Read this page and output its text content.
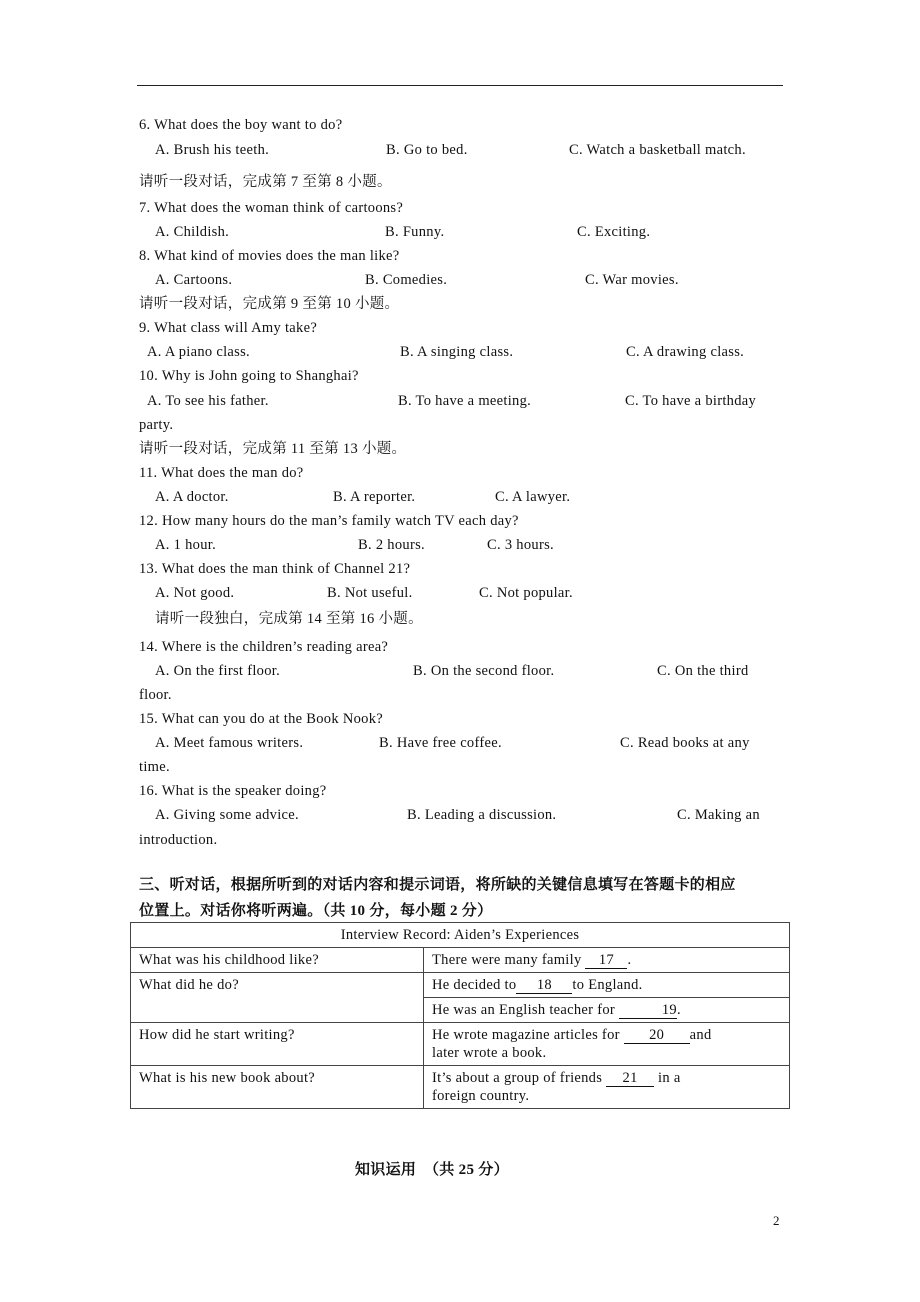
6. What does the boy want to do?
A. Brush his teeth.	B. Go to bed.	C. Watch a basketball match.
请听一段对话，完成第 7 至第 8 小题。
7. What does the woman think of cartoons?
A. Childish.	B. Funny.	C. Exciting.
8. What kind of movies does the man like?
A. Cartoons.	B. Comedies.	C. War movies.
请听一段对话，完成第 9 至第 10 小题。
9. What class will Amy take?
A. A piano class.	B. A singing class.	C. A drawing class.
10. Why is John going to Shanghai?
A. To see his father.	B. To have a meeting.	C. To have a birthday
party.
请听一段对话，完成第 11 至第 13 小题。
11. What does the man do?
A. A doctor.	B. A reporter.	C. A lawyer.
12. How many hours do the man’s family watch TV each day?
A. 1 hour.	B. 2 hours.	C. 3 hours.
13. What does the man think of Channel 21?
A. Not good.	B. Not useful.	C. Not popular.
请听一段独白，完成第 14 至第 16 小题。
14. Where is the children’s reading area?
A. On the first floor.	B. On the second floor.	C. On the third
floor.
15. What can you do at the Book Nook?
A. Meet famous writers.	B. Have free coffee.	C. Read books at any
time.
16. What is the speaker doing?
A. Giving some advice.	B. Leading a discussion.	C. Making an
introduction.
三、听对话，根据所听到的对话内容和提示词语，将所缺的关键信息填写在答题卡的相应
位置上。对话你将听两遍。（共 10 分，每小题 2 分）
Interview Record: Aiden’s Experiences	
What was his childhood like?	There were many family 17 .
What did he do?	He decided to 18 to England.
	He was an English teacher for 19.
How did he start writing?	He wrote magazine articles for 20 and
later wrote a book.
What is his new book about?	It’s about a group of friends 21 in a
foreign country.
知识运用　（共 25 分）
2
